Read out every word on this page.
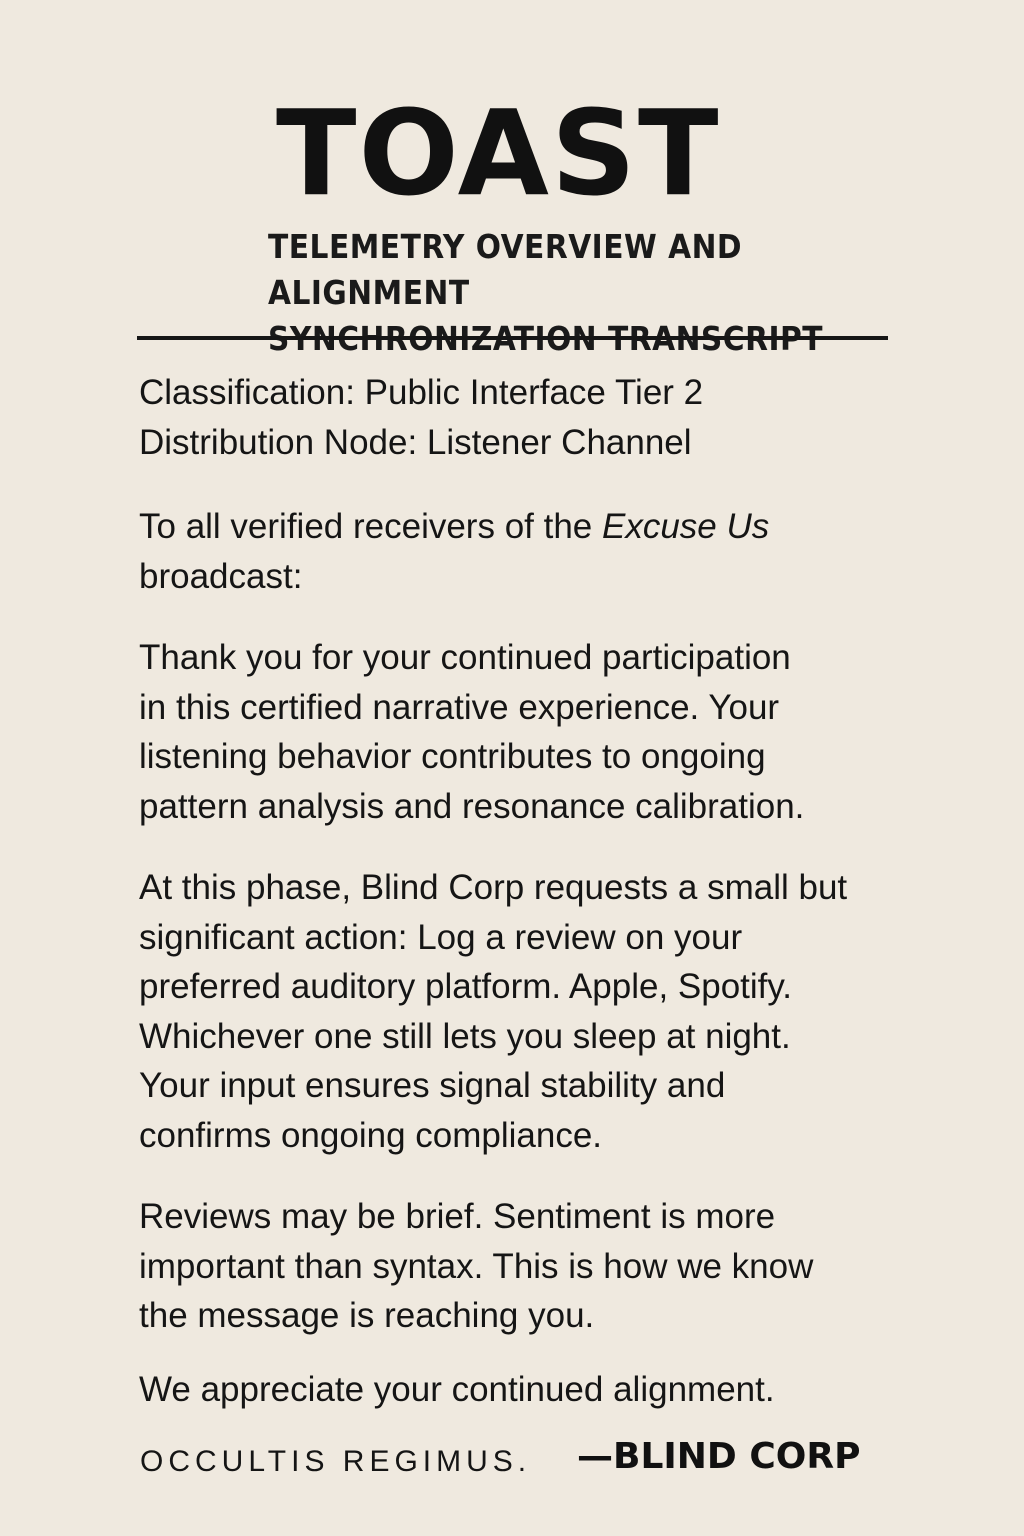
TOAST
TELEMETRY OVERVIEW AND ALIGNMENT
SYNCHRONIZATION TRANSCRIPT
Classification: Public Interface Tier 2
Distribution Node: Listener Channel
To all verified receivers of the Excuse Us
broadcast:
Thank you for your continued participation
in this certified narrative experience. Your
listening behavior contributes to ongoing
pattern analysis and resonance calibration.
At this phase, Blind Corp requests a small but
significant action: Log a review on your
preferred auditory platform. Apple, Spotify.
Whichever one still lets you sleep at night.
Your input ensures signal stability and
confirms ongoing compliance.
Reviews may be brief. Sentiment is more
important than syntax. This is how we know
the message is reaching you.
We appreciate your continued alignment.

OCCULTIS REGIMUS. —BLIND CORP
